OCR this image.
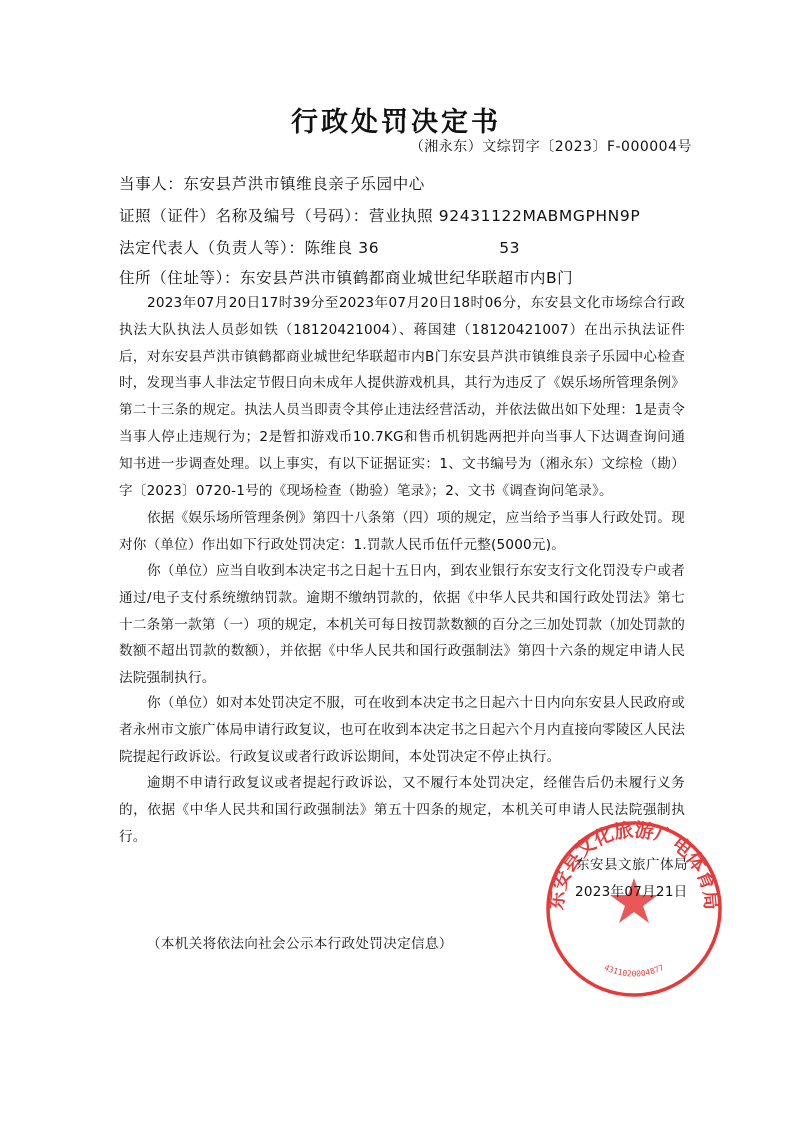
行政处罚决定书
（湘永东）文综罚字〔2023〕F-000004号
当事人：东安县芦洪市镇维良亲子乐园中心
证照（证件）名称及编号（号码）：营业执照 92431122MABMGPHN9P
法定代表人（负责人等）：陈维良 36	53
住所（住址等）：东安县芦洪市镇鹤都商业城世纪华联超市内B门

2023年07月20日17时39分至2023年07月20日18时06分，东安县文化市场综合行政执法大队执法人员彭如铁（18120421004）、蒋国建（18120421007）在出示执法证件后，对东安县芦洪市镇鹤都商业城世纪华联超市内B门东安县芦洪市镇维良亲子乐园中心检查时，发现当事人非法定节假日向未成年人提供游戏机具，其行为违反了《娱乐场所管理条例》第二十三条的规定。执法人员当即责令其停止违法经营活动，并依法做出如下处理：1是责令当事人停止违规行为；2是暂扣游戏币10.7KG和售币机钥匙两把并向当事人下达调查询问通知书进一步调查处理。以上事实，有以下证据证实：1、文书编号为（湘永东）文综检（勘）字〔2023〕0720-1号的《现场检查（勘验）笔录》；2、文书《调查询问笔录》。

依据《娱乐场所管理条例》第四十八条第（四）项的规定，应当给予当事人行政处罚。现对你（单位）作出如下行政处罚决定：1.罚款人民币伍仟元整(5000元)。

你（单位）应当自收到本决定书之日起十五日内，到农业银行东安支行文化罚没专户或者通过/电子支付系统缴纳罚款。逾期不缴纳罚款的，依据《中华人民共和国行政处罚法》第七十二条第一款第（一）项的规定，本机关可每日按罚款数额的百分之三加处罚款（加处罚款的数额不超出罚款的数额），并依据《中华人民共和国行政强制法》第四十六条的规定申请人民法院强制执行。

你（单位）如对本处罚决定不服，可在收到本决定书之日起六十日内向东安县人民政府或者永州市文旅广体局申请行政复议，也可在收到本决定书之日起六个月内直接向零陵区人民法院提起行政诉讼。行政复议或者行政诉讼期间，本处罚决定不停止执行。

逾期不申请行政复议或者提起行政诉讼，又不履行本处罚决定，经催告后仍未履行义务的，依据《中华人民共和国行政强制法》第五十四条的规定，本机关可申请人民法院强制执行。

东安县文化旅游广电体育局
4311020004877
东安县文旅广体局
2023年07月21日
（本机关将依法向社会公示本行政处罚决定信息）
